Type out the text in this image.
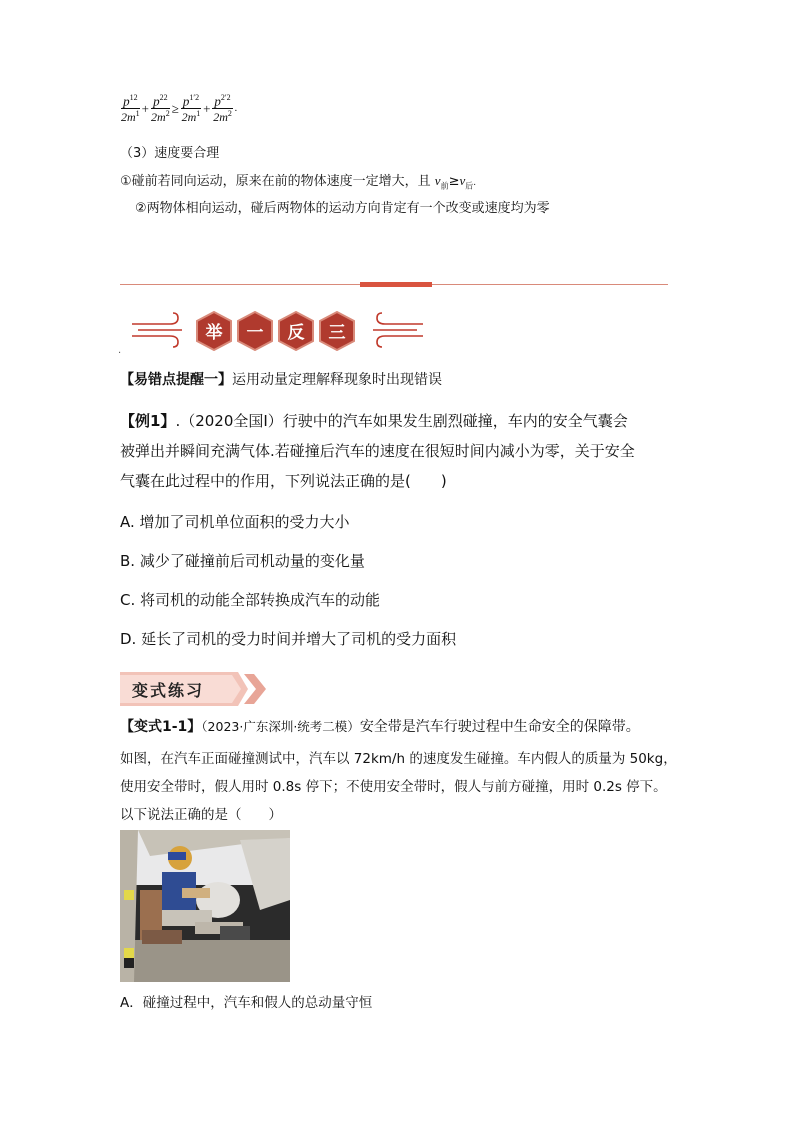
$\frac{p^{12}}{2m^1} + \frac{p^{22}}{2m^2} \ge \frac{p^{1'2}}{2m^1} + \frac{p^{2'2}}{2m^2}$ .
（3）速度要合理
①碰前若同向运动，原来在前的物体速度一定增大，且 $v_前\ge v_后$.
②两物体相向运动，碰后两物体的运动方向肯定有一个改变或速度均为零
举	一	反	三
·
【易错点提醒一】运用动量定理解释现象时出现错误
【例1】.（2020全国Ⅰ）行驶中的汽车如果发生剧烈碰撞，车内的安全气囊会
被弹出并瞬间充满气体.若碰撞后汽车的速度在很短时间内减小为零，关于安全
气囊在此过程中的作用，下列说法正确的是(　　)
A. 增加了司机单位面积的受力大小
B. 减少了碰撞前后司机动量的变化量
C. 将司机的动能全部转换成汽车的动能
D. 延长了司机的受力时间并增大了司机的受力面积
变式练习
【变式1-1】（2023·广东深圳·统考二模）安全带是汽车行驶过程中生命安全的保障带。
如图，在汽车正面碰撞测试中，汽车以 72km/h 的速度发生碰撞。车内假人的质量为 50kg，
使用安全带时，假人用时 0.8s 停下；不使用安全带时，假人与前方碰撞，用时 0.2s 停下。
以下说法正确的是（　　）
A．碰撞过程中，汽车和假人的总动量守恒
